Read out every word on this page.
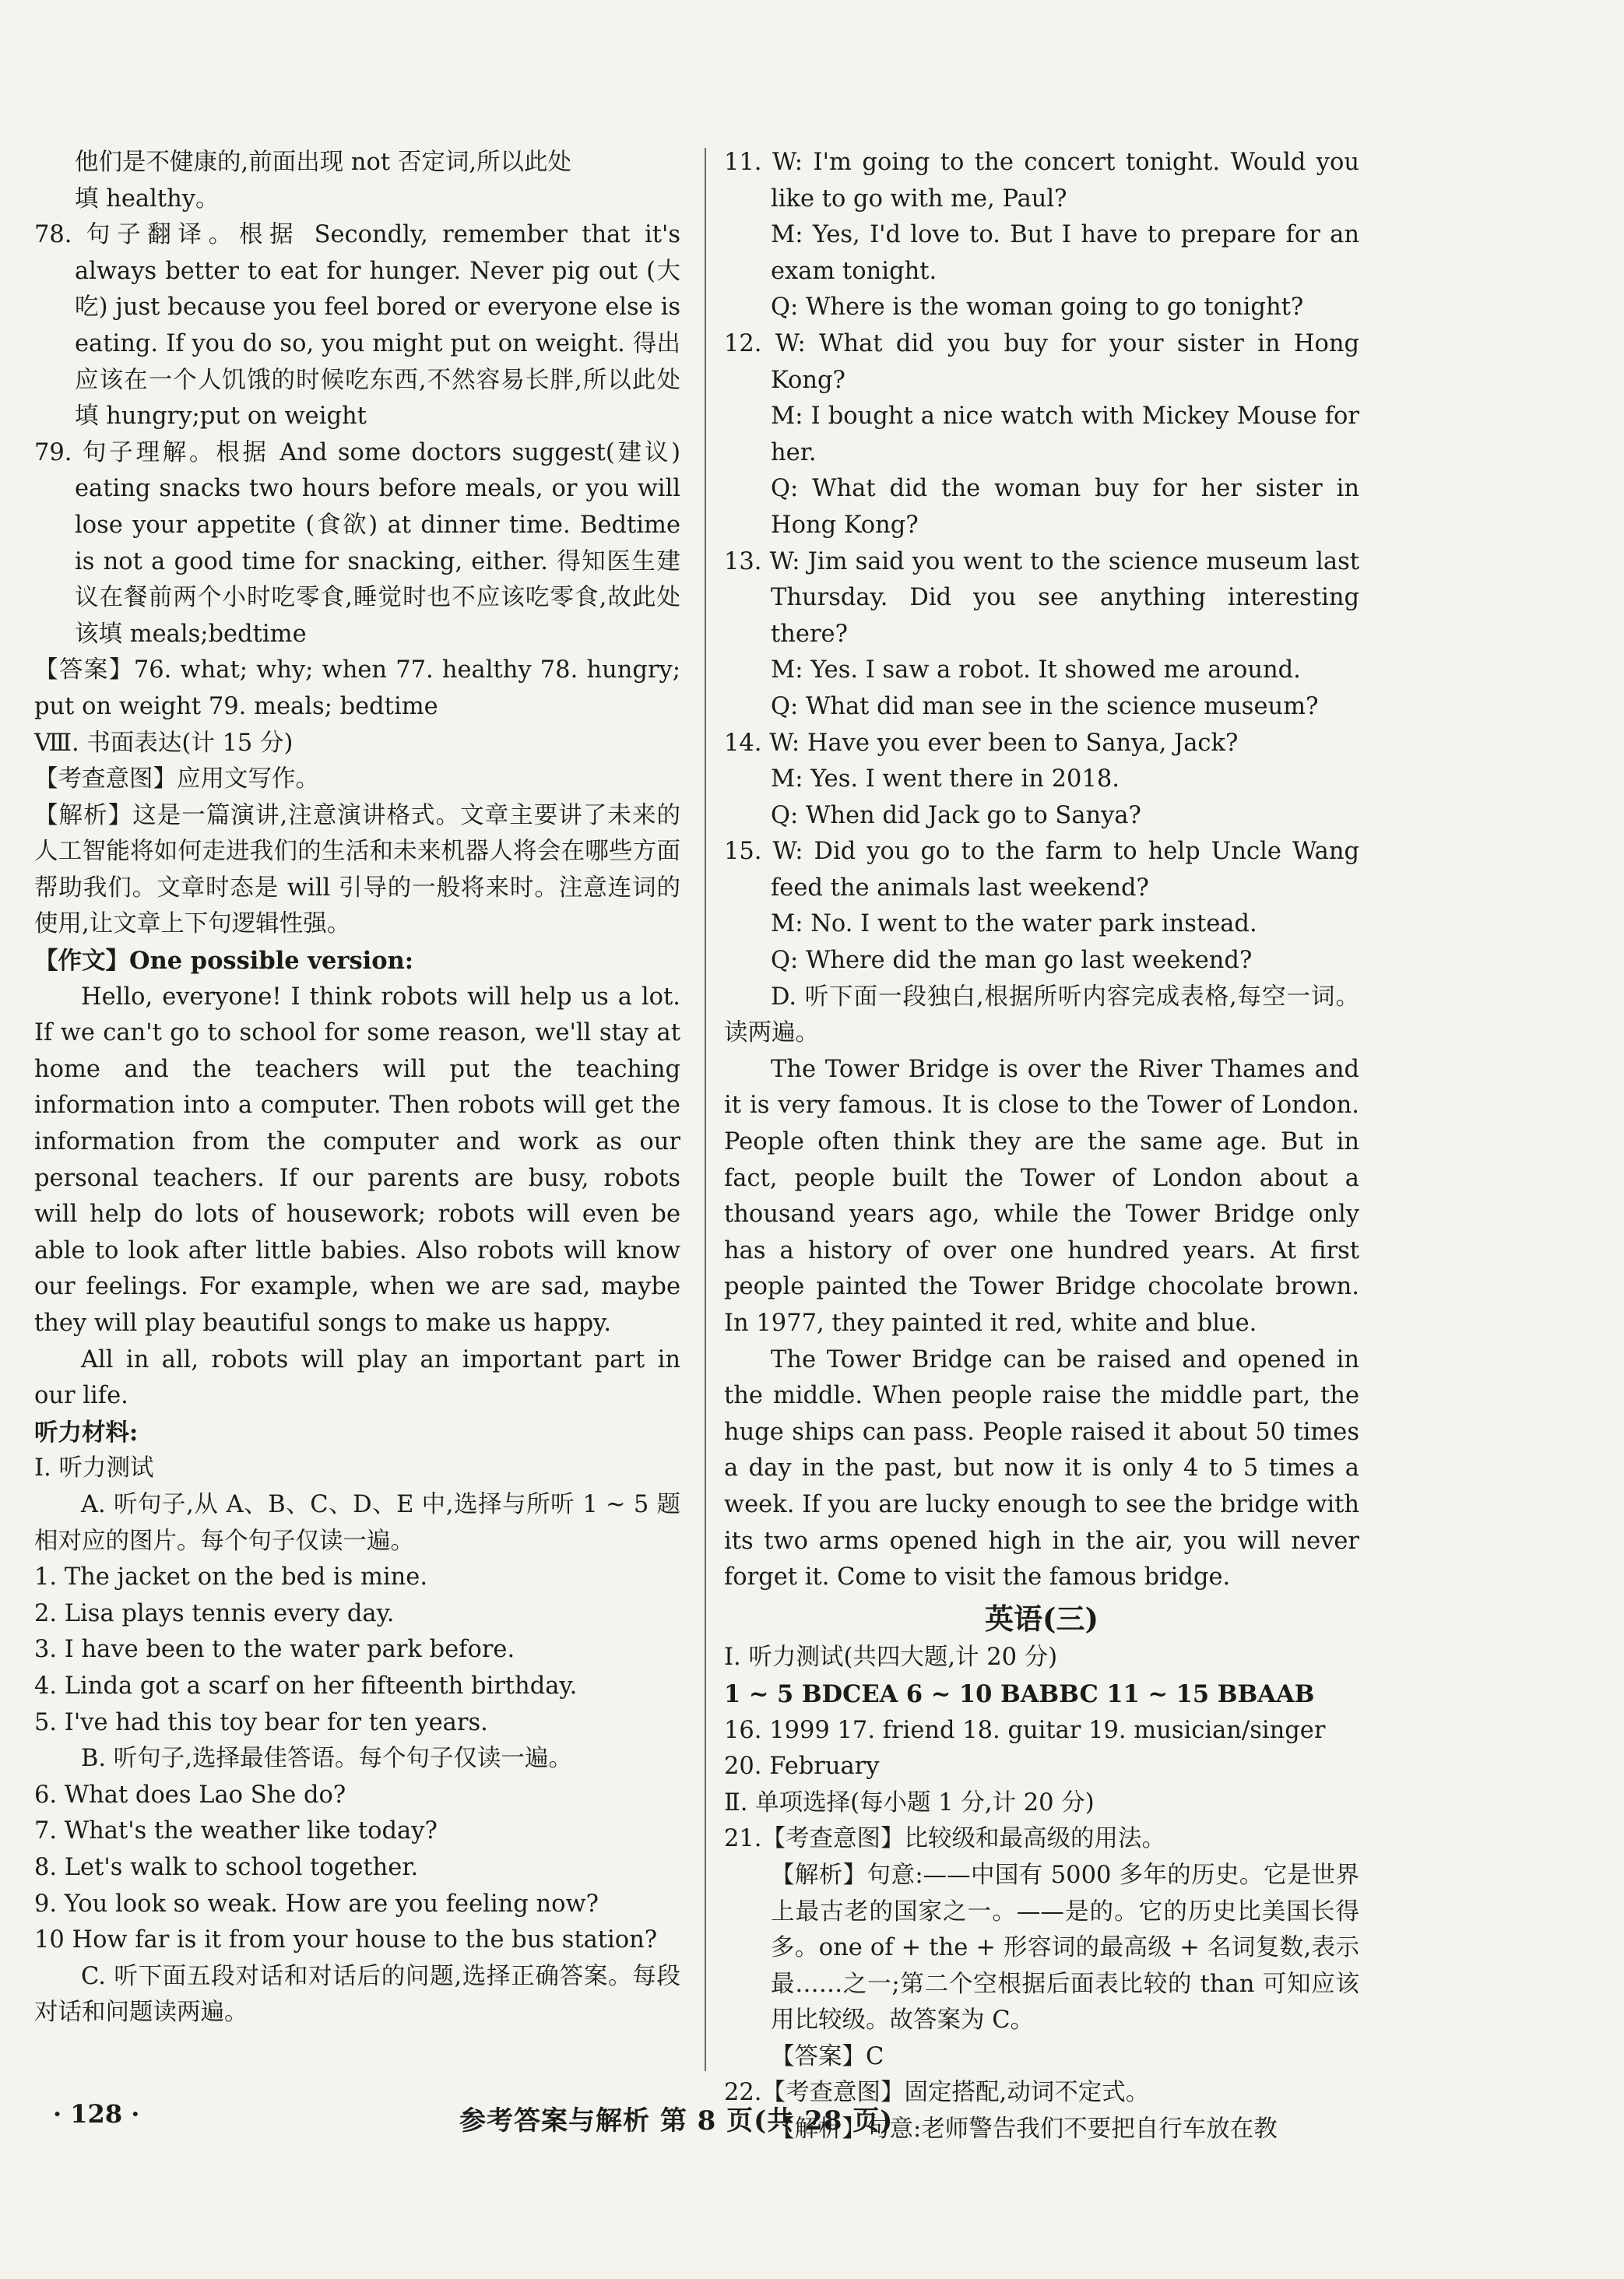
他们是不健康的,前面出现 not 否定词,所以此处

填 healthy。

78. 句子翻译。根据 Secondly, remember that it's always better to eat for hunger. Never pig out (大吃) just because you feel bored or everyone else is eating. If you do so, you might put on weight. 得出应该在一个人饥饿的时候吃东西,不然容易长胖,所以此处填 hungry;put on weight

79. 句子理解。根据 And some doctors suggest(建议) eating snacks two hours before meals, or you will lose your appetite (食欲) at dinner time. Bedtime is not a good time for snacking, either. 得知医生建议在餐前两个小时吃零食,睡觉时也不应该吃零食,故此处该填 meals;bedtime

【答案】76. what; why; when 77. healthy 78. hungry; put on weight 79. meals; bedtime

Ⅷ. 书面表达(计 15 分)

【考查意图】应用文写作。

【解析】这是一篇演讲,注意演讲格式。文章主要讲了未来的人工智能将如何走进我们的生活和未来机器人将会在哪些方面帮助我们。文章时态是 will 引导的一般将来时。注意连词的使用,让文章上下句逻辑性强。

【作文】One possible version:

Hello, everyone! I think robots will help us a lot. If we can't go to school for some reason, we'll stay at home and the teachers will put the teaching information into a computer. Then robots will get the information from the computer and work as our personal teachers. If our parents are busy, robots will help do lots of housework; robots will even be able to look after little babies. Also robots will know our feelings. For example, when we are sad, maybe they will play beautiful songs to make us happy.

All in all, robots will play an important part in our life.

听力材料:

Ⅰ. 听力测试

A. 听句子,从 A、B、C、D、E 中,选择与所听 1 ~ 5 题相对应的图片。每个句子仅读一遍。

1. The jacket on the bed is mine.

2. Lisa plays tennis every day.

3. I have been to the water park before.

4. Linda got a scarf on her fifteenth birthday.

5. I've had this toy bear for ten years.

B. 听句子,选择最佳答语。每个句子仅读一遍。

6. What does Lao She do?

7. What's the weather like today?

8. Let's walk to school together.

9. You look so weak. How are you feeling now?

10 How far is it from your house to the bus station?

C. 听下面五段对话和对话后的问题,选择正确答案。每段对话和问题读两遍。

11. W: I'm going to the concert tonight. Would you like to go with me, Paul?

M: Yes, I'd love to. But I have to prepare for an exam tonight.

Q: Where is the woman going to go tonight?

12. W: What did you buy for your sister in Hong Kong?

M: I bought a nice watch with Mickey Mouse for her.

Q: What did the woman buy for her sister in Hong Kong?

13. W: Jim said you went to the science museum last Thursday. Did you see anything interesting there?

M: Yes. I saw a robot. It showed me around.

Q: What did man see in the science museum?

14. W: Have you ever been to Sanya, Jack?

M: Yes. I went there in 2018.

Q: When did Jack go to Sanya?

15. W: Did you go to the farm to help Uncle Wang feed the animals last weekend?

M: No. I went to the water park instead.

Q: Where did the man go last weekend?

D. 听下面一段独白,根据所听内容完成表格,每空一词。读两遍。

The Tower Bridge is over the River Thames and it is very famous. It is close to the Tower of London. People often think they are the same age. But in fact, people built the Tower of London about a thousand years ago, while the Tower Bridge only has a history of over one hundred years. At first people painted the Tower Bridge chocolate brown. In 1977, they painted it red, white and blue.

The Tower Bridge can be raised and opened in the middle. When people raise the middle part, the huge ships can pass. People raised it about 50 times a day in the past, but now it is only 4 to 5 times a week. If you are lucky enough to see the bridge with its two arms opened high in the air, you will never forget it. Come to visit the famous bridge.

英语(三)

Ⅰ. 听力测试(共四大题,计 20 分)

1 ~ 5 BDCEA 6 ~ 10 BABBC 11 ~ 15 BBAAB

16. 1999 17. friend 18. guitar 19. musician/singer

20. February

Ⅱ. 单项选择(每小题 1 分,计 20 分)

21.【考查意图】比较级和最高级的用法。

【解析】句意:——中国有 5000 多年的历史。它是世界上最古老的国家之一。——是的。它的历史比美国长得多。one of + the + 形容词的最高级 + 名词复数,表示最……之一;第二个空根据后面表比较的 than 可知应该用比较级。故答案为 C。

【答案】C

22.【考查意图】固定搭配,动词不定式。

【解析】句意:老师警告我们不要把自行车放在教

· 128 ·	参考答案与解析 第 8 页(共 28 页)
